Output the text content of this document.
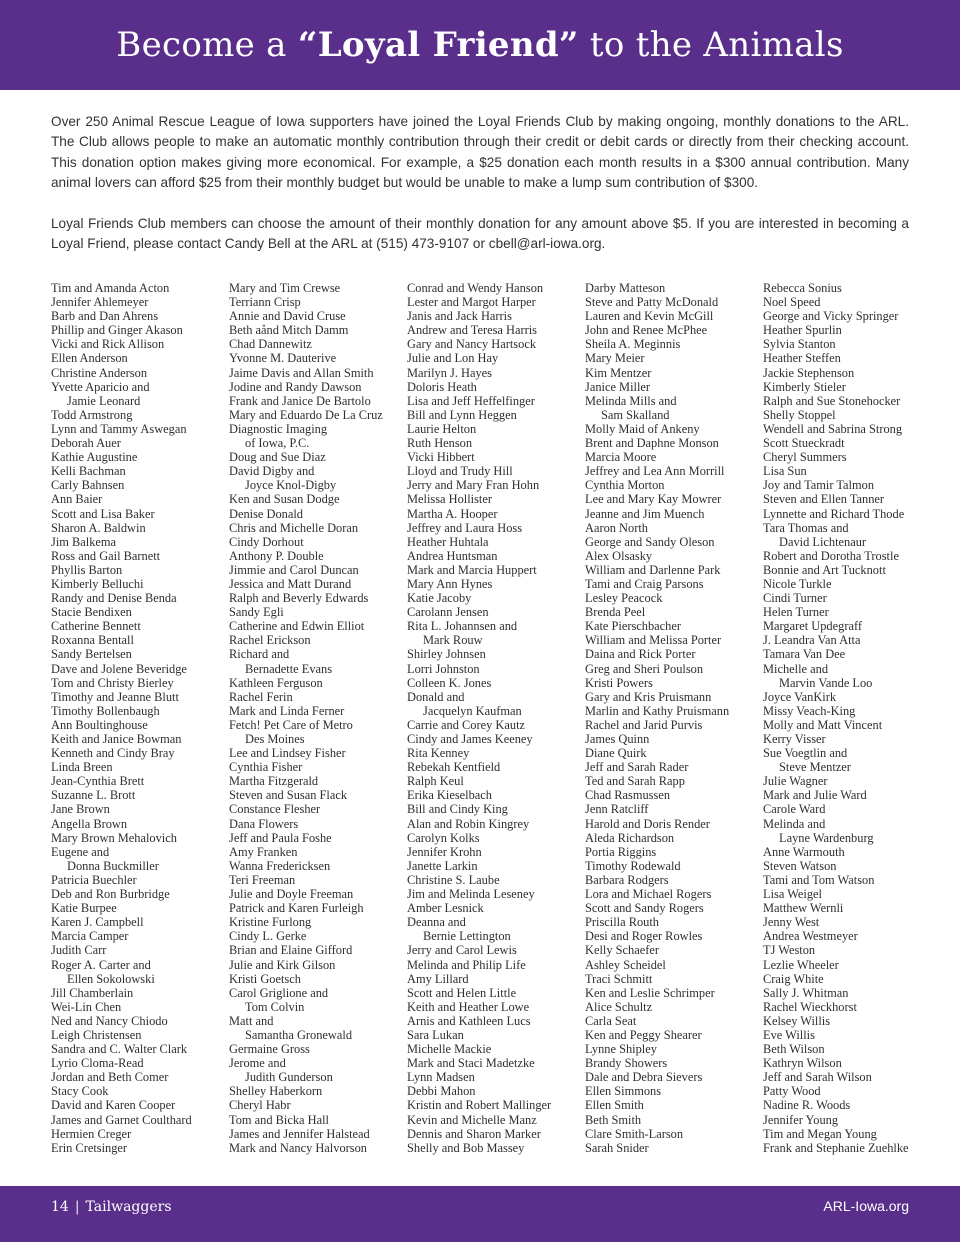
Become a “Loyal Friend” to the Animals

Over 250 Animal Rescue League of Iowa supporters have joined the Loyal Friends Club by making ongoing, monthly donations to the ARL. The Club allows people to make an automatic monthly contribution through their credit or debit cards or directly from their checking account. This donation option makes giving more economical. For example, a $25 donation each month results in a $300 annual contribution. Many animal lovers can afford $25 from their monthly budget but would be unable to make a lump sum contribution of $300.

Loyal Friends Club members can choose the amount of their monthly donation for any amount above $5. If you are interested in becoming a Loyal Friend, please contact Candy Bell at the ARL at (515) 473-9107 or cbell@arl-iowa.org.

Tim and Amanda Acton
Jennifer Ahlemeyer
Barb and Dan Ahrens
Phillip and Ginger Akason
Vicki and Rick Allison
Ellen Anderson
Christine Anderson
Yvette Aparicio and
Jamie Leonard
Todd Armstrong
Lynn and Tammy Aswegan
Deborah Auer
Kathie Augustine
Kelli Bachman
Carly Bahnsen
Ann Baier
Scott and Lisa Baker
Sharon A. Baldwin
Jim Balkema
Ross and Gail Barnett
Phyllis Barton
Kimberly Belluchi
Randy and Denise Benda
Stacie Bendixen
Catherine Bennett
Roxanna Bentall
Sandy Bertelsen
Dave and Jolene Beveridge
Tom and Christy Bierley
Timothy and Jeanne Blutt
Timothy Bollenbaugh
Ann Boultinghouse
Keith and Janice Bowman
Kenneth and Cindy Bray
Linda Breen
Jean-Cynthia Brett
Suzanne L. Brott
Jane Brown
Angella Brown
Mary Brown Mehalovich
Eugene and
Donna Buckmiller
Patricia Buechler
Deb and Ron Burbridge
Katie Burpee
Karen J. Campbell
Marcia Camper
Judith Carr
Roger A. Carter and
Ellen Sokolowski
Jill Chamberlain
Wei-Lin Chen
Ned and Nancy Chiodo
Leigh Christensen
Sandra and C. Walter Clark
Lyrio Cloma-Read
Jordan and Beth Comer
Stacy Cook
David and Karen Cooper
James and Garnet Coulthard
Hermien Creger
Erin Cretsinger
Mary and Tim Crewse
Terriann Crisp
Annie and David Cruse
Beth aånd Mitch Damm
Chad Dannewitz
Yvonne M. Dauterive
Jaime Davis and Allan Smith
Jodine and Randy Dawson
Frank and Janice De Bartolo
Mary and Eduardo De La Cruz
Diagnostic Imaging
of Iowa, P.C.
Doug and Sue Diaz
David Digby and
Joyce Knol-Digby
Ken and Susan Dodge
Denise Donald
Chris and Michelle Doran
Cindy Dorhout
Anthony P. Double
Jimmie and Carol Duncan
Jessica and Matt Durand
Ralph and Beverly Edwards
Sandy Egli
Catherine and Edwin Elliot
Rachel Erickson
Richard and
Bernadette Evans
Kathleen Ferguson
Rachel Ferin
Mark and Linda Ferner
Fetch! Pet Care of Metro
Des Moines
Lee and Lindsey Fisher
Cynthia Fisher
Martha Fitzgerald
Steven and Susan Flack
Constance Flesher
Dana Flowers
Jeff and Paula Foshe
Amy Franken
Wanna Fredericksen
Teri Freeman
Julie and Doyle Freeman
Patrick and Karen Furleigh
Kristine Furlong
Cindy L. Gerke
Brian and Elaine Gifford
Julie and Kirk Gilson
Kristi Goetsch
Carol Griglione and
Tom Colvin
Matt and
Samantha Gronewald
Germaine Gross
Jerome and
Judith Gunderson
Shelley Haberkorn
Cheryl Habr
Tom and Bicka Hall
James and Jennifer Halstead
Mark and Nancy Halvorson
Conrad and Wendy Hanson
Lester and Margot Harper
Janis and Jack Harris
Andrew and Teresa Harris
Gary and Nancy Hartsock
Julie and Lon Hay
Marilyn J. Hayes
Doloris Heath
Lisa and Jeff Heffelfinger
Bill and Lynn Heggen
Laurie Helton
Ruth Henson
Vicki Hibbert
Lloyd and Trudy Hill
Jerry and Mary Fran Hohn
Melissa Hollister
Martha A. Hooper
Jeffrey and Laura Hoss
Heather Huhtala
Andrea Huntsman
Mark and Marcia Huppert
Mary Ann Hynes
Katie Jacoby
Carolann Jensen
Rita L. Johannsen and
Mark Rouw
Shirley Johnsen
Lorri Johnston
Colleen K. Jones
Donald and
Jacquelyn Kaufman
Carrie and Corey Kautz
Cindy and James Keeney
Rita Kenney
Rebekah Kentfield
Ralph Keul
Erika Kieselbach
Bill and Cindy King
Alan and Robin Kingrey
Carolyn Kolks
Jennifer Krohn
Janette Larkin
Christine S. Laube
Jim and Melinda Leseney
Amber Lesnick
Deanna and
Bernie Lettington
Jerry and Carol Lewis
Melinda and Philip Life
Amy Lillard
Scott and Helen Little
Keith and Heather Lowe
Arnis and Kathleen Lucs
Sara Lukan
Michelle Mackie
Mark and Staci Madetzke
Lynn Madsen
Debbi Mahon
Kristin and Robert Mallinger
Kevin and Michelle Manz
Dennis and Sharon Marker
Shelly and Bob Massey
Darby Matteson
Steve and Patty McDonald
Lauren and Kevin McGill
John and Renee McPhee
Sheila A. Meginnis
Mary Meier
Kim Mentzer
Janice Miller
Melinda Mills and
Sam Skalland
Molly Maid of Ankeny
Brent and Daphne Monson
Marcia Moore
Jeffrey and Lea Ann Morrill
Cynthia Morton
Lee and Mary Kay Mowrer
Jeanne and Jim Muench
Aaron North
George and Sandy Oleson
Alex Olsasky
William and Darlenne Park
Tami and Craig Parsons
Lesley Peacock
Brenda Peel
Kate Pierschbacher
William and Melissa Porter
Daina and Rick Porter
Greg and Sheri Poulson
Kristi Powers
Gary and Kris Pruismann
Marlin and Kathy Pruismann
Rachel and Jarid Purvis
James Quinn
Diane Quirk
Jeff and Sarah Rader
Ted and Sarah Rapp
Chad Rasmussen
Jenn Ratcliff
Harold and Doris Render
Aleda Richardson
Portia Riggins
Timothy Rodewald
Barbara Rodgers
Lora and Michael Rogers
Scott and Sandy Rogers
Priscilla Routh
Desi and Roger Rowles
Kelly Schaefer
Ashley Scheidel
Traci Schmitt
Ken and Leslie Schrimper
Alice Schultz
Carla Seat
Ken and Peggy Shearer
Lynne Shipley
Brandy Showers
Dale and Debra Sievers
Ellen Simmons
Ellen Smith
Beth Smith
Clare Smith-Larson
Sarah Snider
Rebecca Sonius
Noel Speed
George and Vicky Springer
Heather Spurlin
Sylvia Stanton
Heather Steffen
Jackie Stephenson
Kimberly Stieler
Ralph and Sue Stonehocker
Shelly Stoppel
Wendell and Sabrina Strong
Scott Stueckradt
Cheryl Summers
Lisa Sun
Joy and Tamir Talmon
Steven and Ellen Tanner
Lynnette and Richard Thode
Tara Thomas and
David Lichtenaur
Robert and Dorotha Trostle
Bonnie and Art Tucknott
Nicole Turkle
Cindi Turner
Helen Turner
Margaret Updegraff
J. Leandra Van Atta
Tamara Van Dee
Michelle and
Marvin Vande Loo
Joyce VanKirk
Missy Veach-King
Molly and Matt Vincent
Kerry Visser
Sue Voegtlin and
Steve Mentzer
Julie Wagner
Mark and Julie Ward
Carole Ward
Melinda and
Layne Wardenburg
Anne Warmouth
Steven Watson
Tami and Tom Watson
Lisa Weigel
Matthew Wernli
Jenny West
Andrea Westmeyer
TJ Weston
Lezlie Wheeler
Craig White
Sally J. Whitman
Rachel Wieckhorst
Kelsey Willis
Eve Willis
Beth Wilson
Kathryn Wilson
Jeff and Sarah Wilson
Patty Wood
Nadine R. Woods
Jennifer Young
Tim and Megan Young
Frank and Stephanie Zuehlke
14 | Tailwaggers	ARL-Iowa.org
